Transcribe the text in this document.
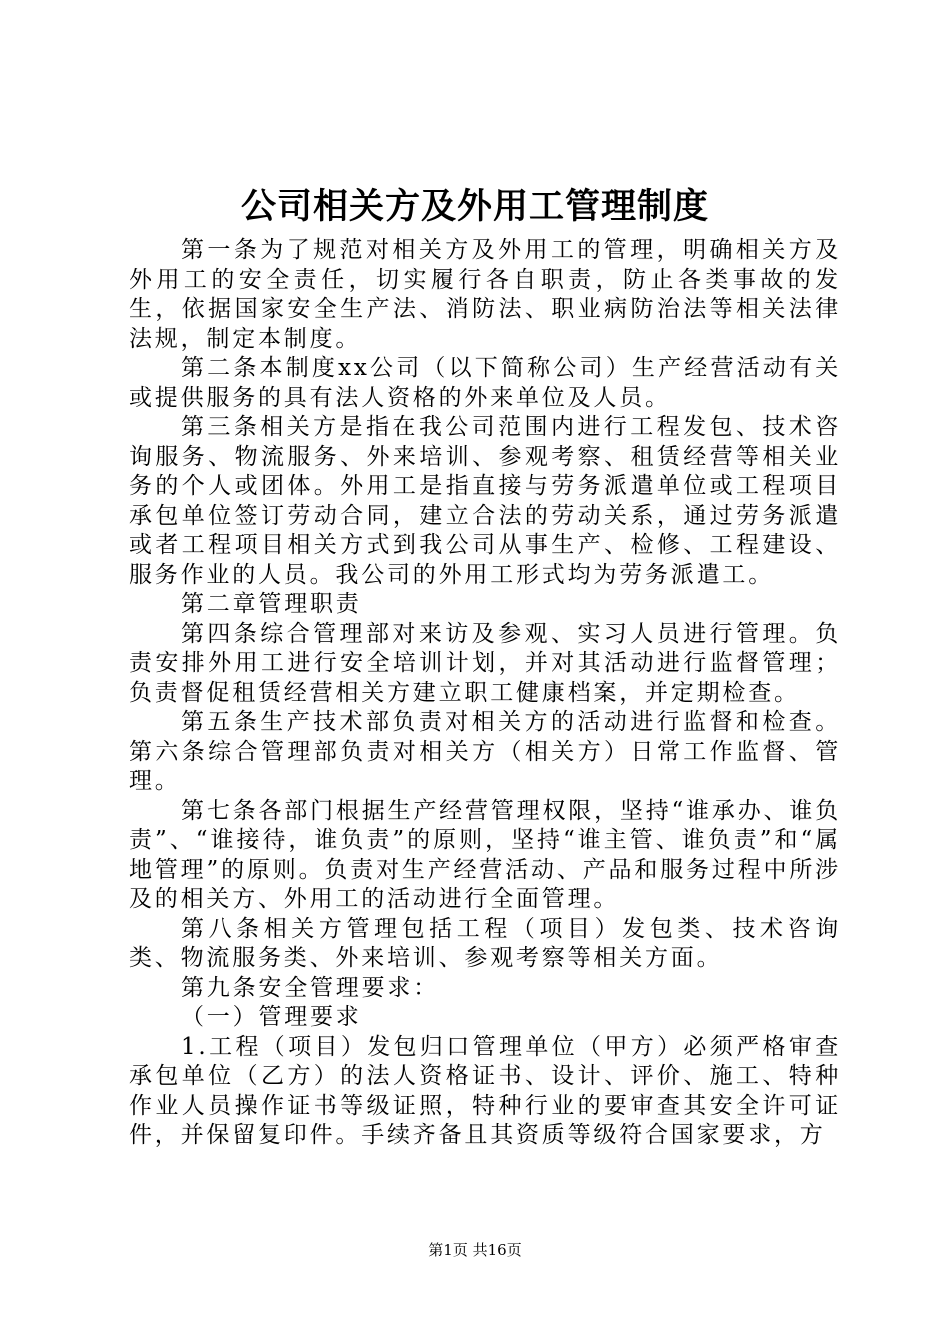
公司相关方及外用工管理制度

第一条为了规范对相关方及外用工的管理，明确相关方及外用工的安全责任，切实履行各自职责，防止各类事故的发生，依据国家安全生产法、消防法、职业病防治法等相关法律法规，制定本制度。

第二条本制度xx公司（以下简称公司）生产经营活动有关或提供服务的具有法人资格的外来单位及人员。

第三条相关方是指在我公司范围内进行工程发包、技术咨询服务、物流服务、外来培训、参观考察、租赁经营等相关业务的个人或团体。外用工是指直接与劳务派遣单位或工程项目承包单位签订劳动合同，建立合法的劳动关系，通过劳务派遣或者工程项目相关方式到我公司从事生产、检修、工程建设、服务作业的人员。我公司的外用工形式均为劳务派遣工。

第二章管理职责

第四条综合管理部对来访及参观、实习人员进行管理。负责安排外用工进行安全培训计划，并对其活动进行监督管理；负责督促租赁经营相关方建立职工健康档案，并定期检查。

第五条生产技术部负责对相关方的活动进行监督和检查。第六条综合管理部负责对相关方（相关方）日常工作监督、管理。

第七条各部门根据生产经营管理权限，坚持“谁承办、谁负责”、“谁接待，谁负责”的原则，坚持“谁主管、谁负责”和“属地管理”的原则。负责对生产经营活动、产品和服务过程中所涉及的相关方、外用工的活动进行全面管理。

第八条相关方管理包括工程（项目）发包类、技术咨询类、物流服务类、外来培训、参观考察等相关方面。

第九条安全管理要求：

（一）管理要求

1.工程（项目）发包归口管理单位（甲方）必须严格审查承包单位（乙方）的法人资格证书、设计、评价、施工、特种作业人员操作证书等级证照，特种行业的要审查其安全许可证件，并保留复印件。手续齐备且其资质等级符合国家要求，方

第1页 共16页
